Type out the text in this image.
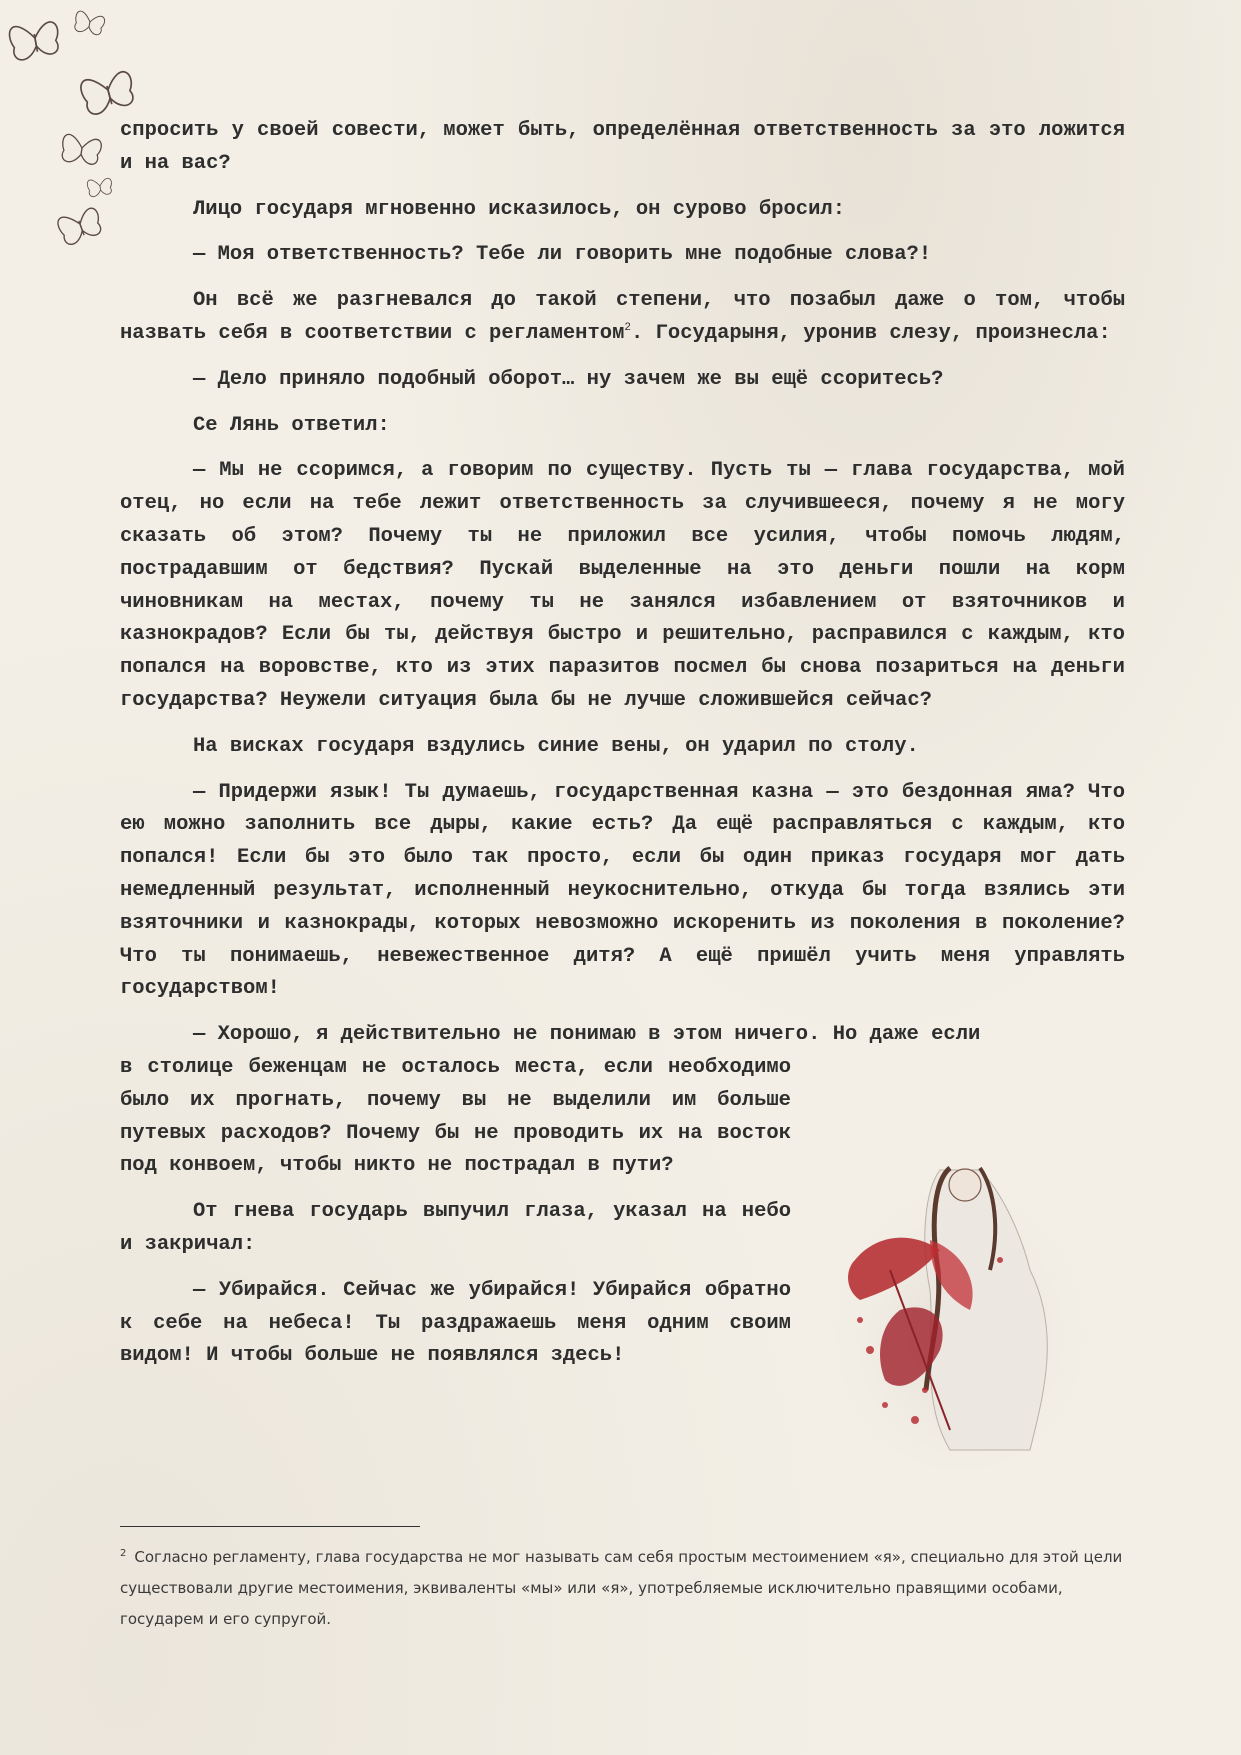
спросить у своей совести, может быть, определённая ответственность за это ложится и на вас?

Лицо государя мгновенно исказилось, он сурово бросил:

— Моя ответственность? Тебе ли говорить мне подобные слова?!

Он всё же разгневался до такой степени, что позабыл даже о том, чтобы назвать себя в соответствии с регламентом$^2$. Государыня, уронив слезу, произнесла:

— Дело приняло подобный оборот… ну зачем же вы ещё ссоритесь?

Се Лянь ответил:

— Мы не ссоримся, а говорим по существу. Пусть ты — глава государства, мой отец, но если на тебе лежит ответственность за случившееся, почему я не могу сказать об этом? Почему ты не приложил все усилия, чтобы помочь людям, пострадавшим от бедствия? Пускай выделенные на это деньги пошли на корм чиновникам на местах, почему ты не занялся избавлением от взяточников и казнокрадов? Если бы ты, действуя быстро и решительно, расправился с каждым, кто попался на воровстве, кто из этих паразитов посмел бы снова позариться на деньги государства? Неужели ситуация была бы не лучше сложившейся сейчас?

На висках государя вздулись синие вены, он ударил по столу.

— Придержи язык! Ты думаешь, государственная казна — это бездонная яма? Что ею можно заполнить все дыры, какие есть? Да ещё расправляться с каждым, кто попался! Если бы это было так просто, если бы один приказ государя мог дать немедленный результат, исполненный неукоснительно, откуда бы тогда взялись эти взяточники и казнокрады, которых невозможно искоренить из поколения в поколение? Что ты понимаешь, невежественное дитя? А ещё пришёл учить меня управлять государством!

— Хорошо, я действительно не понимаю в этом ничего. Но даже если

в столице беженцам не осталось места, если необходимо было их прогнать, почему вы не выделили им больше путевых расходов? Почему бы не проводить их на восток под конвоем, чтобы никто не пострадал в пути?

От гнева государь выпучил глаза, указал на небо и закричал:

— Убирайся. Сейчас же убирайся! Убирайся обратно к себе на небеса! Ты раздражаешь меня одним своим видом! И чтобы больше не появлялся здесь!

$^2$ Согласно регламенту, глава государства не мог называть сам себя простым местоимением «я», специально для этой цели существовали другие местоимения, эквиваленты «мы» или «я», употребляемые исключительно правящими особами, государем и его супругой.
